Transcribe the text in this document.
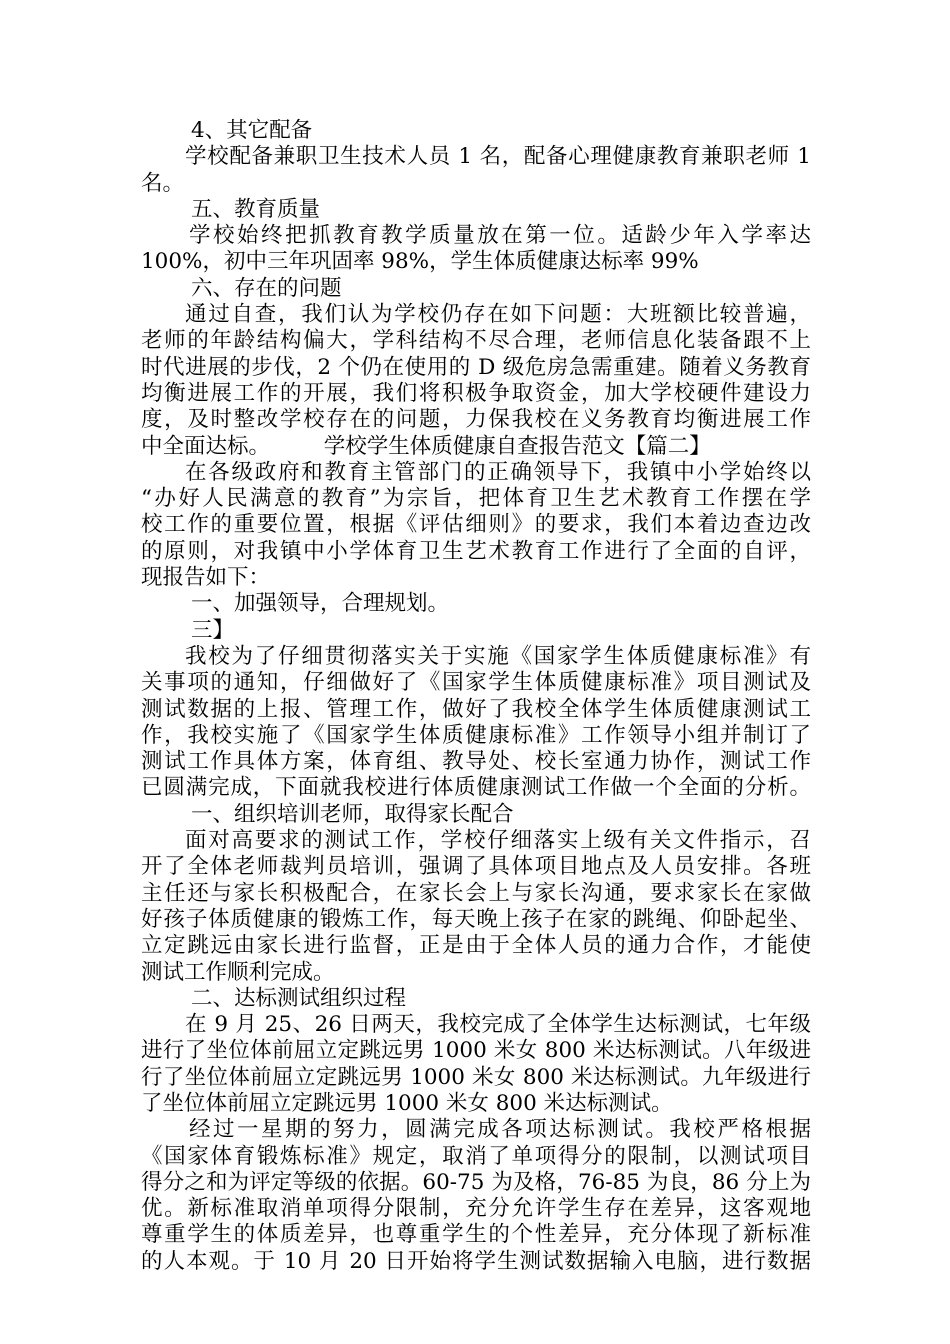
4、其它配备
学校配备兼职卫生技术人员 1 名，配备心理健康教育兼职老师 1
名。
五、教育质量
学校始终把抓教育教学质量放在第一位。适龄少年入学率达
100%，初中三年巩固率 98%，学生体质健康达标率 99%
六、存在的问题
通过自查，我们认为学校仍存在如下问题：大班额比较普遍，
老师的年龄结构偏大，学科结构不尽合理，老师信息化装备跟不上
时代进展的步伐，2 个仍在使用的 D 级危房急需重建。随着义务教育
均衡进展工作的开展，我们将积极争取资金，加大学校硬件建设力
度，及时整改学校存在的问题，力保我校在义务教育均衡进展工作
中全面达标。　　　学校学生体质健康自查报告范文【篇二】
在各级政府和教育主管部门的正确领导下，我镇中小学始终以
“办好人民满意的教育”为宗旨，把体育卫生艺术教育工作摆在学
校工作的重要位置，根据《评估细则》的要求，我们本着边查边改
的原则，对我镇中小学体育卫生艺术教育工作进行了全面的自评，
现报告如下：
一、加强领导，合理规划。
三】
我校为了仔细贯彻落实关于实施《国家学生体质健康标准》有
关事项的通知，仔细做好了《国家学生体质健康标准》项目测试及
测试数据的上报、管理工作，做好了我校全体学生体质健康测试工
作，我校实施了《国家学生体质健康标准》工作领导小组并制订了
测试工作具体方案，体育组、教导处、校长室通力协作，测试工作
已圆满完成，下面就我校进行体质健康测试工作做一个全面的分析。
一、组织培训老师，取得家长配合
面对高要求的测试工作，学校仔细落实上级有关文件指示，召
开了全体老师裁判员培训，强调了具体项目地点及人员安排。各班
主任还与家长积极配合，在家长会上与家长沟通，要求家长在家做
好孩子体质健康的锻炼工作，每天晚上孩子在家的跳绳、仰卧起坐、
立定跳远由家长进行监督，正是由于全体人员的通力合作，才能使
测试工作顺利完成。
二、达标测试组织过程
在 9 月 25、26 日两天，我校完成了全体学生达标测试，七年级
进行了坐位体前屈立定跳远男 1000 米女 800 米达标测试。八年级进
行了坐位体前屈立定跳远男 1000 米女 800 米达标测试。九年级进行
了坐位体前屈立定跳远男 1000 米女 800 米达标测试。
经过一星期的努力，圆满完成各项达标测试。我校严格根据
《国家体育锻炼标准》规定，取消了单项得分的限制，以测试项目
得分之和为评定等级的依据。60-75 为及格，76-85 为良，86 分上为
优。新标准取消单项得分限制，充分允许学生存在差异，这客观地
尊重学生的体质差异，也尊重学生的个性差异，充分体现了新标准
的人本观。于 10 月 20 日开始将学生测试数据输入电脑，进行数据
